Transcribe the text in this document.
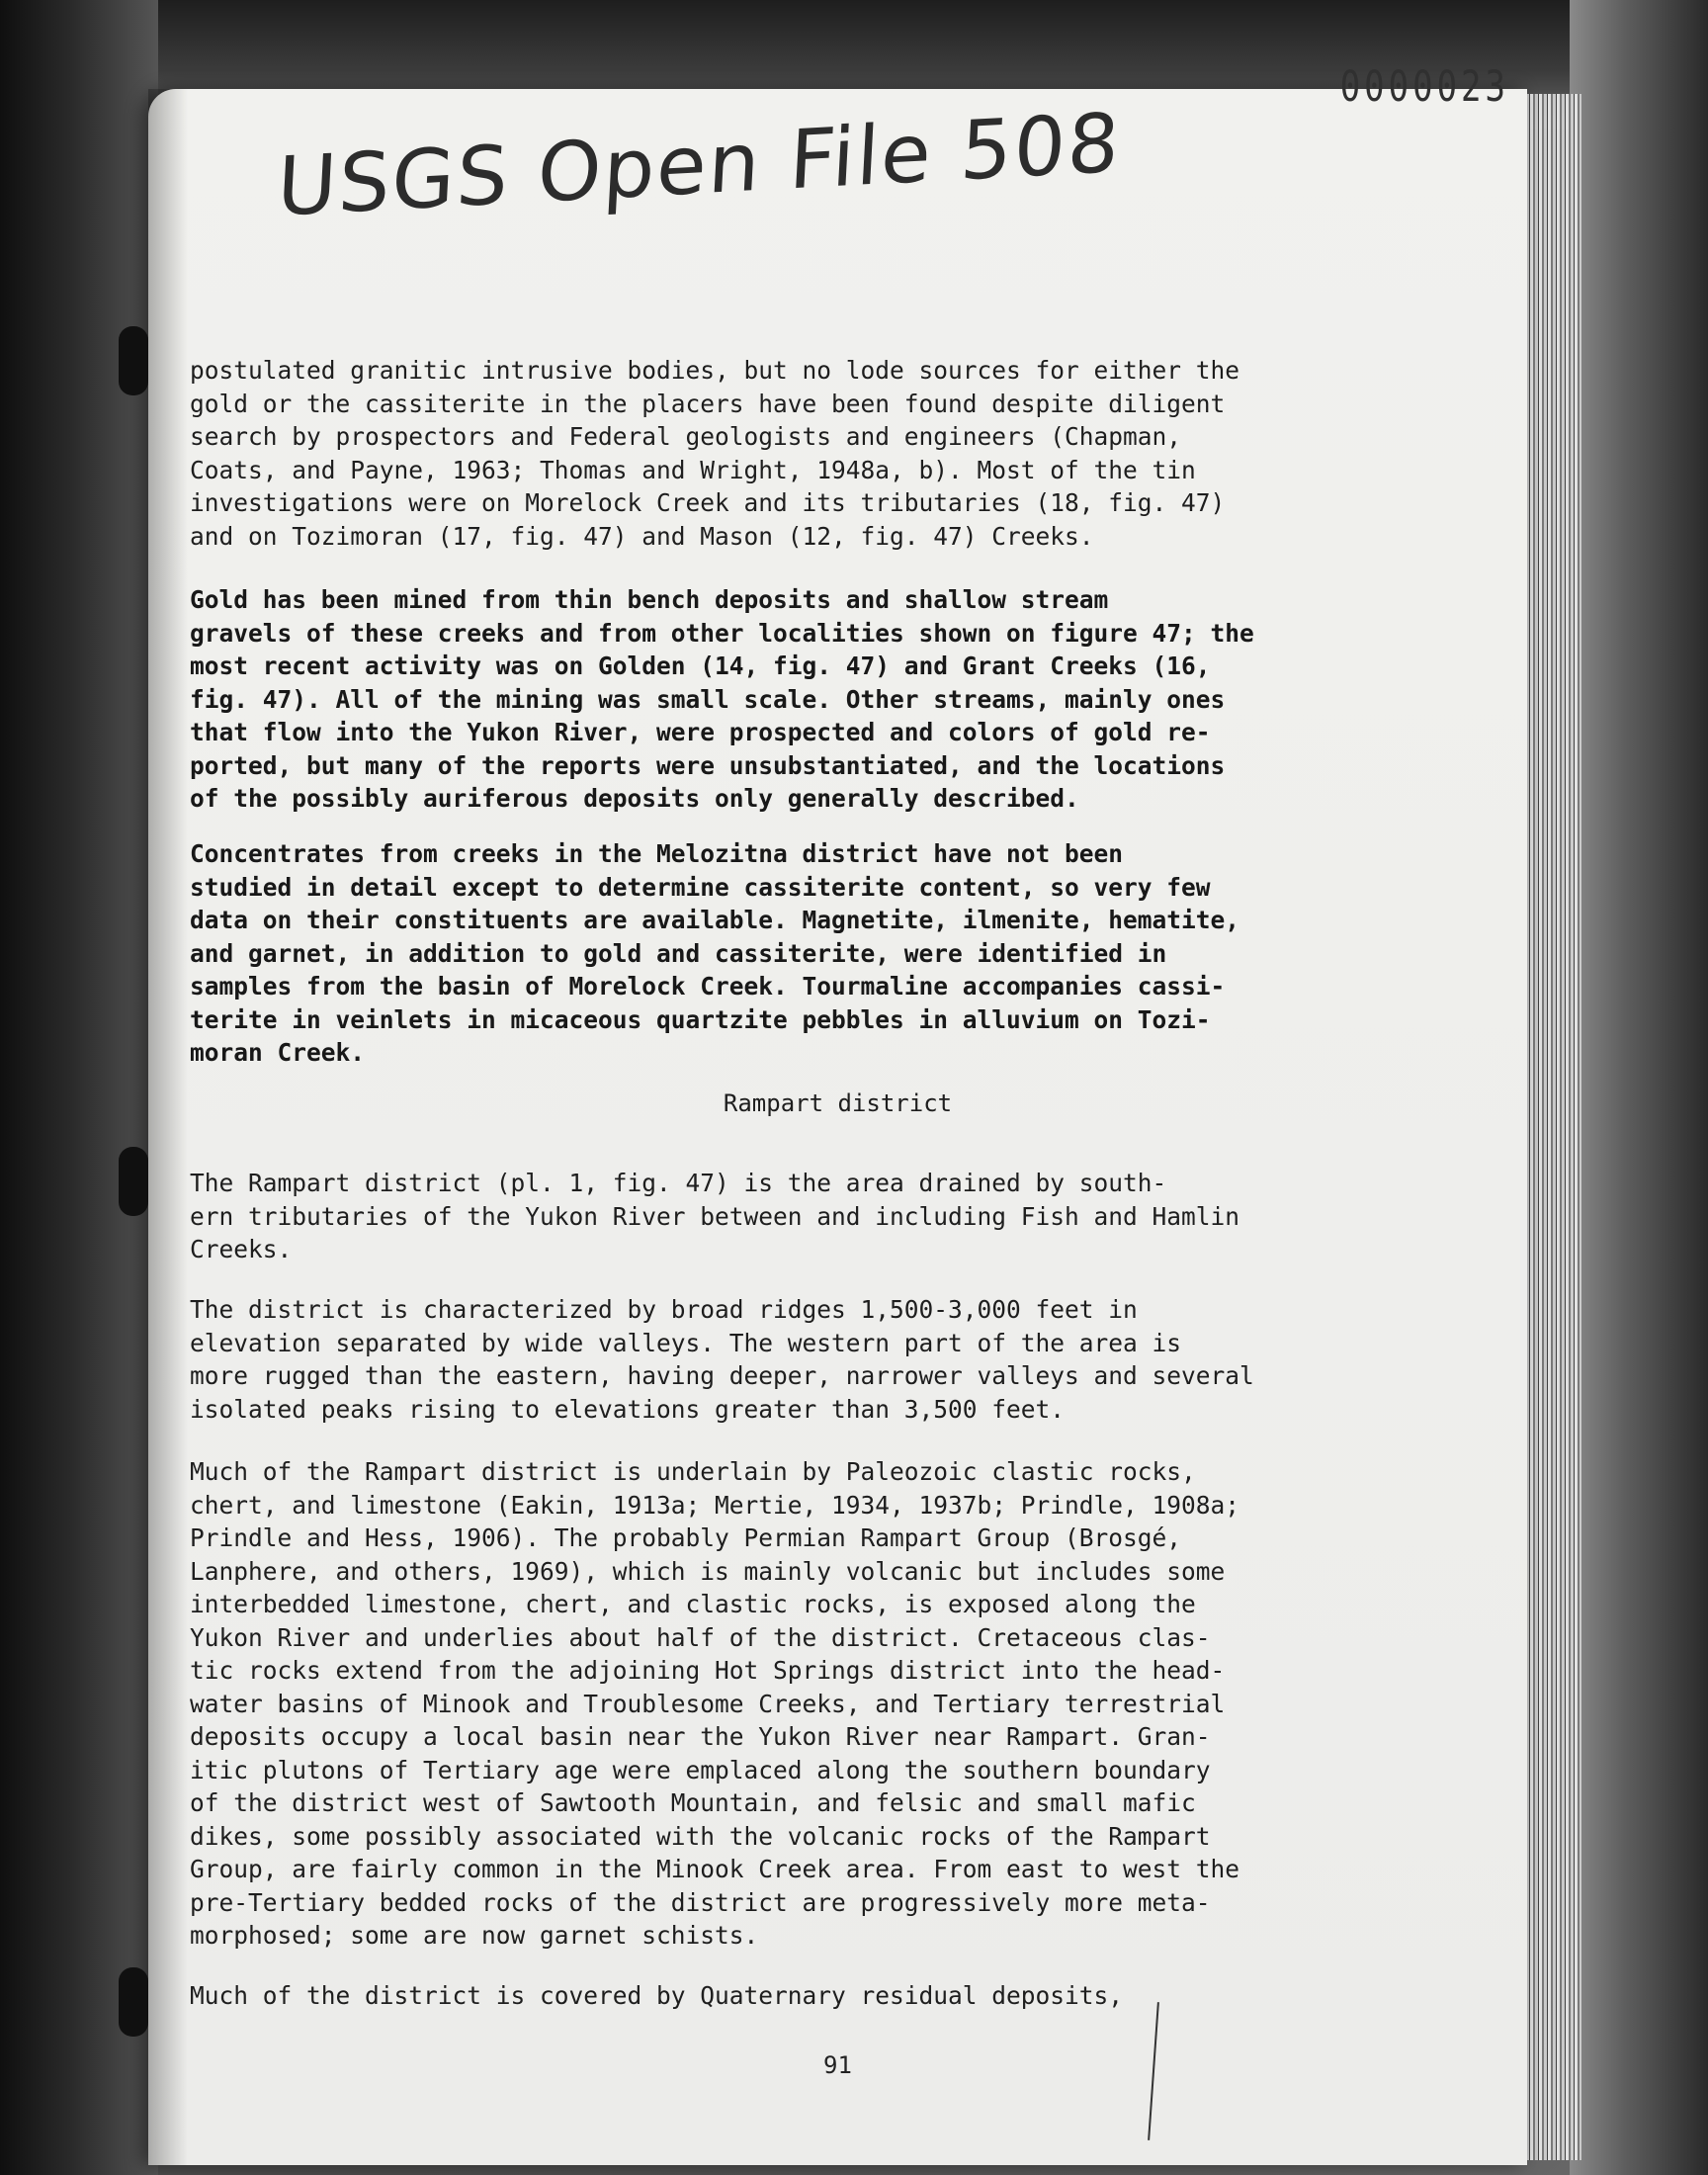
0000023
USGS Open File 508
postulated granitic intrusive bodies, but no lode sources for either the
gold or the cassiterite in the placers have been found despite diligent
search by prospectors and Federal geologists and engineers (Chapman,
Coats, and Payne, 1963; Thomas and Wright, 1948a, b). Most of the tin
investigations were on Morelock Creek and its tributaries (18, fig. 47)
and on Tozimoran (17, fig. 47) and Mason (12, fig. 47) Creeks.
Gold has been mined from thin bench deposits and shallow stream
gravels of these creeks and from other localities shown on figure 47; the
most recent activity was on Golden (14, fig. 47) and Grant Creeks (16,
fig. 47). All of the mining was small scale. Other streams, mainly ones
that flow into the Yukon River, were prospected and colors of gold re-
ported, but many of the reports were unsubstantiated, and the locations
of the possibly auriferous deposits only generally described.
Concentrates from creeks in the Melozitna district have not been
studied in detail except to determine cassiterite content, so very few
data on their constituents are available. Magnetite, ilmenite, hematite,
and garnet, in addition to gold and cassiterite, were identified in
samples from the basin of Morelock Creek. Tourmaline accompanies cassi-
terite in veinlets in micaceous quartzite pebbles in alluvium on Tozi-
moran Creek.
Rampart district
The Rampart district (pl. 1, fig. 47) is the area drained by south-
ern tributaries of the Yukon River between and including Fish and Hamlin
Creeks.
The district is characterized by broad ridges 1,500-3,000 feet in
elevation separated by wide valleys. The western part of the area is
more rugged than the eastern, having deeper, narrower valleys and several
isolated peaks rising to elevations greater than 3,500 feet.
Much of the Rampart district is underlain by Paleozoic clastic rocks,
chert, and limestone (Eakin, 1913a; Mertie, 1934, 1937b; Prindle, 1908a;
Prindle and Hess, 1906). The probably Permian Rampart Group (Brosgé,
Lanphere, and others, 1969), which is mainly volcanic but includes some
interbedded limestone, chert, and clastic rocks, is exposed along the
Yukon River and underlies about half of the district. Cretaceous clas-
tic rocks extend from the adjoining Hot Springs district into the head-
water basins of Minook and Troublesome Creeks, and Tertiary terrestrial
deposits occupy a local basin near the Yukon River near Rampart. Gran-
itic plutons of Tertiary age were emplaced along the southern boundary
of the district west of Sawtooth Mountain, and felsic and small mafic
dikes, some possibly associated with the volcanic rocks of the Rampart
Group, are fairly common in the Minook Creek area. From east to west the
pre-Tertiary bedded rocks of the district are progressively more meta-
morphosed; some are now garnet schists.
Much of the district is covered by Quaternary residual deposits,
91
